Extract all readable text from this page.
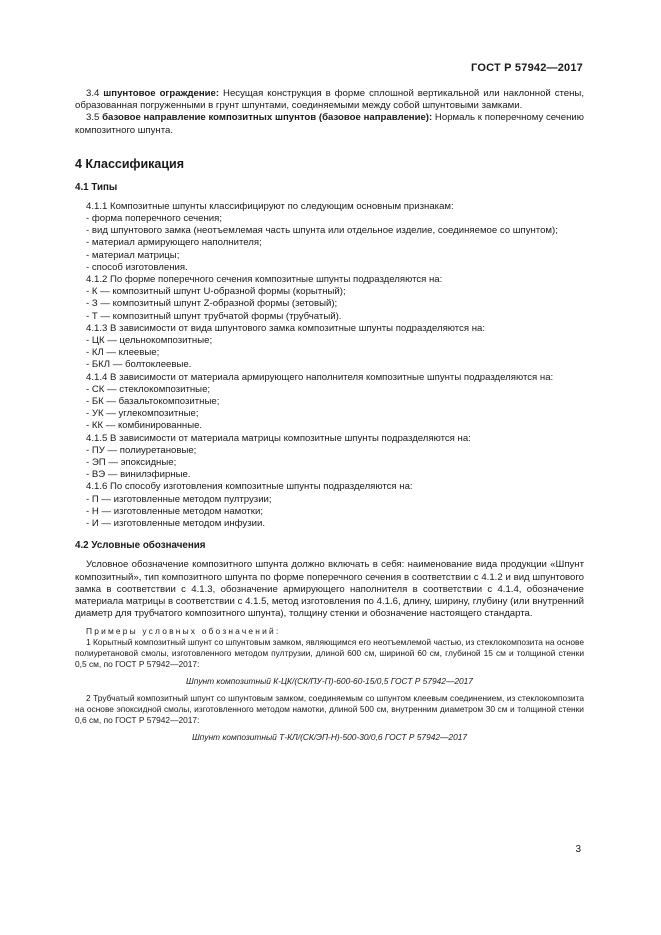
ГОСТ Р 57942—2017

3.4 шпунтовое ограждение: Несущая конструкция в форме сплошной вертикальной или наклонной стены, образованная погруженными в грунт шпунтами, соединяемыми между собой шпунтовыми замками.

3.5 базовое направление композитных шпунтов (базовое направление): Нормаль к поперечному сечению композитного шпунта.

4 Классификация
4.1 Типы

4.1.1 Композитные шпунты классифицируют по следующим основным признакам:

- форма поперечного сечения;

- вид шпунтового замка (неотъемлемая часть шпунта или отдельное изделие, соединяемое со шпунтом);

- материал армирующего наполнителя;

- материал матрицы;

- способ изготовления.

4.1.2 По форме поперечного сечения композитные шпунты подразделяются на:

- К — композитный шпунт U-образной формы (корытный);

- З — композитный шпунт Z-образной формы (зетовый);

- Т — композитный шпунт трубчатой формы (трубчатый).

4.1.3 В зависимости от вида шпунтового замка композитные шпунты подразделяются на:

- ЦК — цельнокомпозитные;

- КЛ — клеевые;

- БКЛ — болтоклеевые.

4.1.4 В зависимости от материала армирующего наполнителя композитные шпунты подразделяются на:

- СК — стеклокомпозитные;

- БК — базальтокомпозитные;

- УК — углекомпозитные;

- КК — комбинированные.

4.1.5 В зависимости от материала матрицы композитные шпунты подразделяются на:

- ПУ — полиуретановые;

- ЭП — эпоксидные;

- ВЭ — винилэфирные.

4.1.6 По способу изготовления композитные шпунты подразделяются на:

- П — изготовленные методом пултрузии;

- Н — изготовленные методом намотки;

- И — изготовленные методом инфузии.

4.2 Условные обозначения

Условное обозначение композитного шпунта должно включать в себя: наименование вида продукции «Шпунт композитный», тип композитного шпунта по форме поперечного сечения в соответствии с 4.1.2 и вид шпунтового замка в соответствии с 4.1.3, обозначение армирующего наполнителя в соответствии с 4.1.4, обозначение материала матрицы в соответствии с 4.1.5, метод изготовления по 4.1.6, длину, ширину, глубину (или внутренний диаметр для трубчатого композитного шпунта), толщину стенки и обозначение настоящего стандарта.

Примеры условных обозначений:

1 Корытный композитный шпунт со шпунтовым замком, являющимся его неотъемлемой частью, из стеклокомпозита на основе полиуретановой смолы, изготовленного методом пултрузии, длиной 600 см, шириной 60 см, глубиной 15 см и толщиной стенки 0,5 см, по ГОСТ Р 57942—2017:

Шпунт композитный К-ЦК/(СК/ПУ-П)-600-60-15/0,5 ГОСТ Р 57942—2017

2 Трубчатый композитный шпунт со шпунтовым замком, соединяемым со шпунтом клеевым соединением, из стеклокомпозита на основе эпоксидной смолы, изготовленного методом намотки, длиной 500 см, внутренним диаметром 30 см и толщиной стенки 0,6 см, по ГОСТ Р 57942—2017:

Шпунт композитный Т-КЛ/(СК/ЭП-Н)-500-30/0,6 ГОСТ Р 57942—2017
3
